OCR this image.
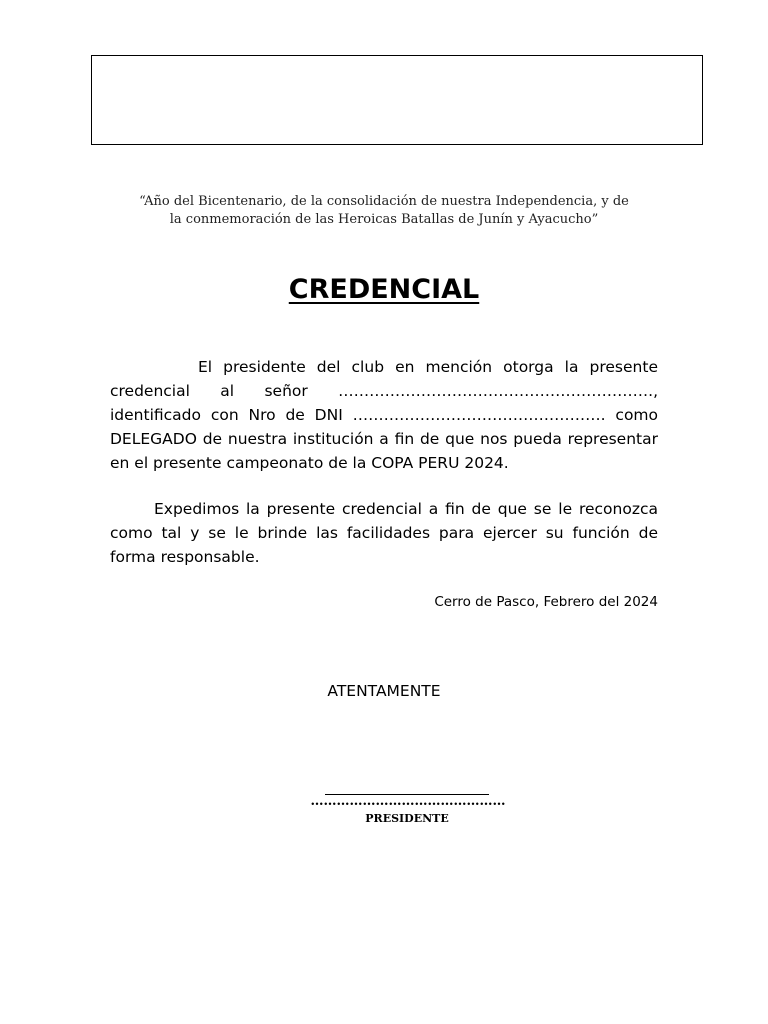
“Año del Bicentenario, de la consolidación de nuestra Independencia, y de
la conmemoración de las Heroicas Batallas de Junín y Ayacucho”
CREDENCIAL
El presidente del club en mención otorga la presente credencial al señor ……………………………………………………., identificado con Nro de DNI …………………………………………. como DELEGADO de nuestra institución a fin de que nos pueda representar en el presente campeonato de la COPA PERU 2024.
Expedimos la presente credencial a fin de que se le reconozca como tal y se le brinde las facilidades para ejercer su función de forma responsable.
Cerro de Pasco, Febrero del 2024
ATENTAMENTE
………………………………………
PRESIDENTE
